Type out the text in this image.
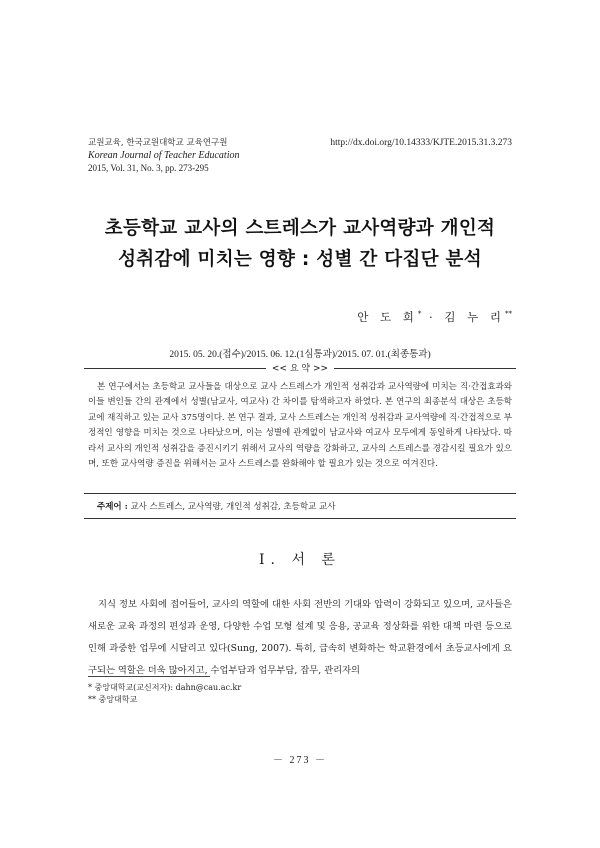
교원교육, 한국교원대학교 교육연구원
Korean Journal of Teacher Education
2015, Vol. 31, No. 3, pp. 273-295
http://dx.doi.org/10.14333/KJTE.2015.31.3.273
초등학교 교사의 스트레스가 교사역량과 개인적
성취감에 미치는 영향 : 성별 간 다집단 분석
안 도 희* · 김 누 리**
2015. 05. 20.(접수)/2015. 06. 12.(1심통과)/2015. 07. 01.(최종통과)
<< 요 약 >>
본 연구에서는 초등학교 교사들을 대상으로 교사 스트레스가 개인적 성취감과 교사역량에 미치는 직·간접효과와 이들 변인들 간의 관계에서 성별(남교사, 여교사) 간 차이를 탐색하고자 하였다. 본 연구의 최종분석 대상은 초등학교에 재직하고 있는 교사 375명이다. 본 연구 결과, 교사 스트레스는 개인적 성취감과 교사역량에 직·간접적으로 부정적인 영향을 미치는 것으로 나타났으며, 이는 성별에 관계없이 남교사와 여교사 모두에게 동일하게 나타났다. 따라서 교사의 개인적 성취감을 증진시키기 위해서 교사의 역량을 강화하고, 교사의 스트레스를 경감시킬 필요가 있으며, 또한 교사역량 증진을 위해서는 교사 스트레스를 완화해야 할 필요가 있는 것으로 여겨진다.
주제어 : 교사 스트레스, 교사역량, 개인적 성취감, 초등학교 교사
Ⅰ. 서 론
지식 정보 사회에 접어들어, 교사의 역할에 대한 사회 전반의 기대와 압력이 강화되고 있으며, 교사들은 새로운 교육 과정의 편성과 운영, 다양한 수업 모형 설계 및 응용, 공교육 정상화를 위한 대책 마련 등으로 인해 과중한 업무에 시달리고 있다(Sung, 2007). 특히, 급속히 변화하는 학교환경에서 초등교사에게 요구되는 역할은 더욱 많아지고, 수업부담과 업무부담, 잡무, 관리자의
* 중앙대학교(교신저자): dahn@cau.ac.kr
** 중앙대학교
－ 273 －
